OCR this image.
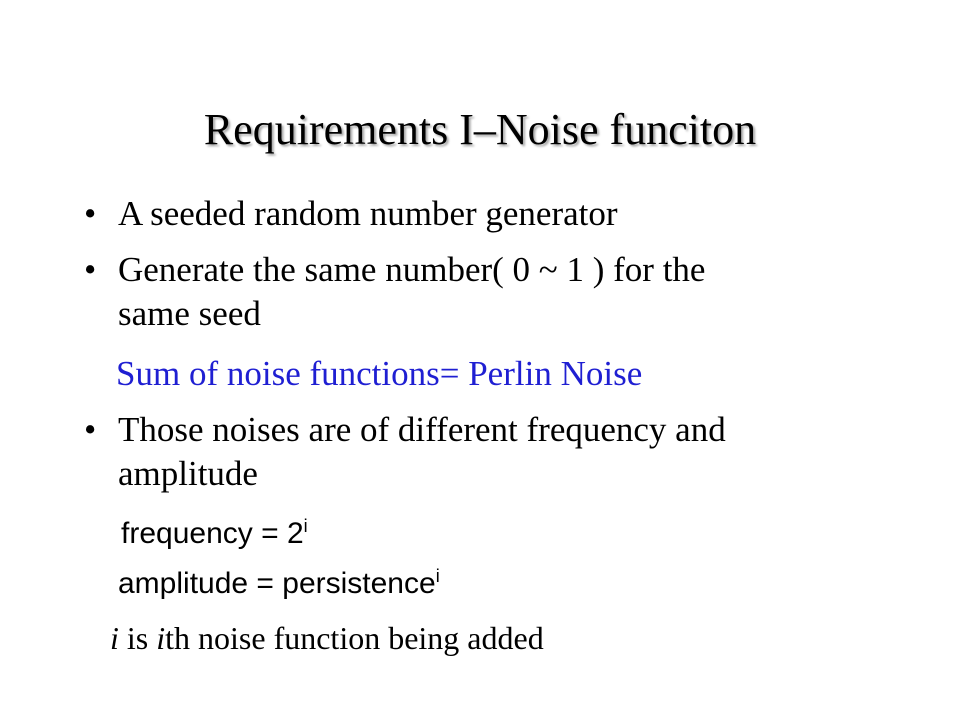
Requirements I–Noise funciton
• A seeded random number generator
• Generate the same number( 0 ~ 1 ) for the
same seed
Sum of noise functions= Perlin Noise
• Those noises are of different frequency and
amplitude
frequency = $2^i$
amplitude = persistence$^i$
i is ith noise function being added
